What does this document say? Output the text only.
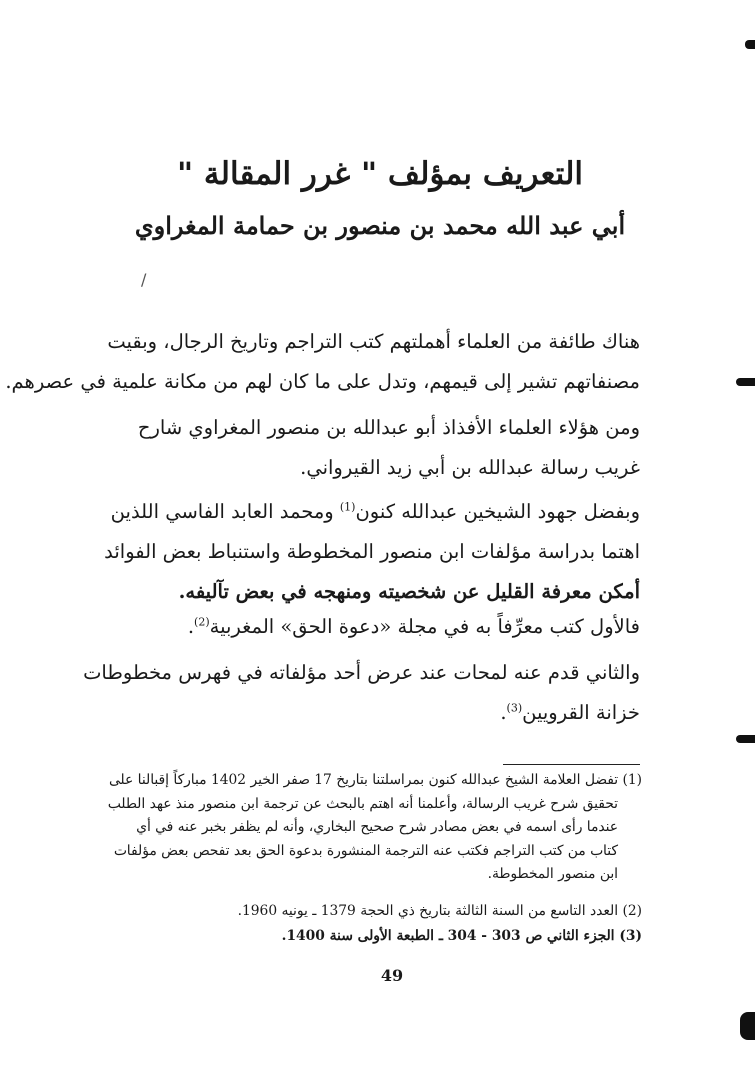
التعريف بمؤلف " غرر المقالة "
أبي عبد الله محمد بن منصور بن حمامة المغراوي
/
هناك طائفة من العلماء أهملتهم كتب التراجم وتاريخ الرجال، وبقيت
مصنفاتهم تشير إلى قيمهم، وتدل على ما كان لهم من مكانة علمية في عصرهم.
ومن هؤلاء العلماء الأفذاذ أبو عبدالله بن منصور المغراوي شارح
غريب رسالة عبدالله بن أبي زيد القيرواني.
وبفضل جهود الشيخين عبدالله كنون$^{(1)}$ ومحمد العابد الفاسي اللذين
اهتما بدراسة مؤلفات ابن منصور المخطوطة واستنباط بعض الفوائد
أمكن معرفة القليل عن شخصيته ومنهجه في بعض تآليفه.
فالأول كتب معرِّفاً به في مجلة «دعوة الحق» المغربية$^{(2)}$.
والثاني قدم عنه لمحات عند عرض أحد مؤلفاته في فهرس مخطوطات
خزانة القرويين$^{(3)}$.
(1) تفضل العلامة الشيخ عبدالله كنون بمراسلتنا بتاريخ 17 صفر الخير 1402 مباركاً إقبالنا على
تحقيق شرح غريب الرسالة، وأعلمنا أنه اهتم بالبحث عن ترجمة ابن منصور منذ عهد الطلب
عندما رأى اسمه في بعض مصادر شرح صحيح البخاري، وأنه لم يظفر بخبر عنه في أي
كتاب من كتب التراجم فكتب عنه الترجمة المنشورة بدعوة الحق بعد تفحص بعض مؤلفات
ابن منصور المخطوطة.
(2) العدد التاسع من السنة الثالثة بتاريخ ذي الحجة 1379 ـ يونيه 1960.
(3) الجزء الثاني ص 303 - 304 ـ الطبعة الأولى سنة 1400.
49
